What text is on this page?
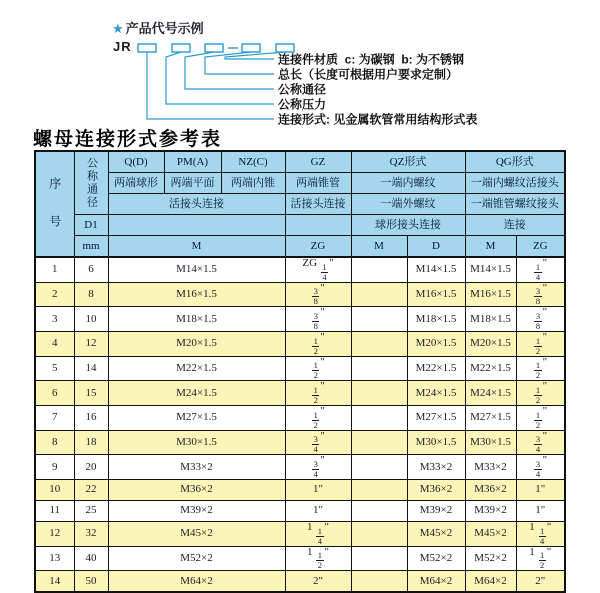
★ 产品代号示例
JR
连接件材质  c: 为碳钢  b: 为不锈钢
总长（长度可根据用户要求定制）
公称通径
公称压力
连接形式: 见金属软管常用结构形式表
螺母连接形式参考表
序号	公称通径	Q(D)	PM(A)	NZ(C)	GZ	QZ形式		QG形式	
		两端球形	两端平面	两端内锥	两端锥管	一端内螺纹		一端内螺纹活接头	
		活接头连接			活接头连接	一端外螺纹		一端锥管螺纹接头	
	D1					球形接头连接		连接	
	mm	M			ZG	M	D	M	ZG
1	6	M14×1.5			ZG $\frac{1}{4}$ "		M14×1.5	M14×1.5	$\frac{1}{4}$ "
2	8	M16×1.5			$\frac{3}{8}$ "		M16×1.5	M16×1.5	$\frac{3}{8}$ "
3	10	M18×1.5			$\frac{3}{8}$ "		M18×1.5	M18×1.5	$\frac{3}{8}$ "
4	12	M20×1.5			$\frac{1}{2}$ "		M20×1.5	M20×1.5	$\frac{1}{2}$ "
5	14	M22×1.5			$\frac{1}{2}$ "		M22×1.5	M22×1.5	$\frac{1}{2}$ "
6	15	M24×1.5			$\frac{1}{2}$ "		M24×1.5	M24×1.5	$\frac{1}{2}$ "
7	16	M27×1.5			$\frac{1}{2}$ "		M27×1.5	M27×1.5	$\frac{1}{2}$ "
8	18	M30×1.5			$\frac{3}{4}$ "		M30×1.5	M30×1.5	$\frac{3}{4}$ "
9	20	M33×2			$\frac{3}{4}$ "		M33×2	M33×2	$\frac{3}{4}$ "
10	22	M36×2			1"		M36×2	M36×2	1"
11	25	M39×2			1"		M39×2	M39×2	1"
12	32	M45×2			$1 \frac{1}{4}$ "		M45×2	M45×2	$1 \frac{1}{4}$ "
13	40	M52×2			$1 \frac{1}{2}$ "		M52×2	M52×2	$1 \frac{1}{2}$ "
14	50	M64×2			2"		M64×2	M64×2	2"
